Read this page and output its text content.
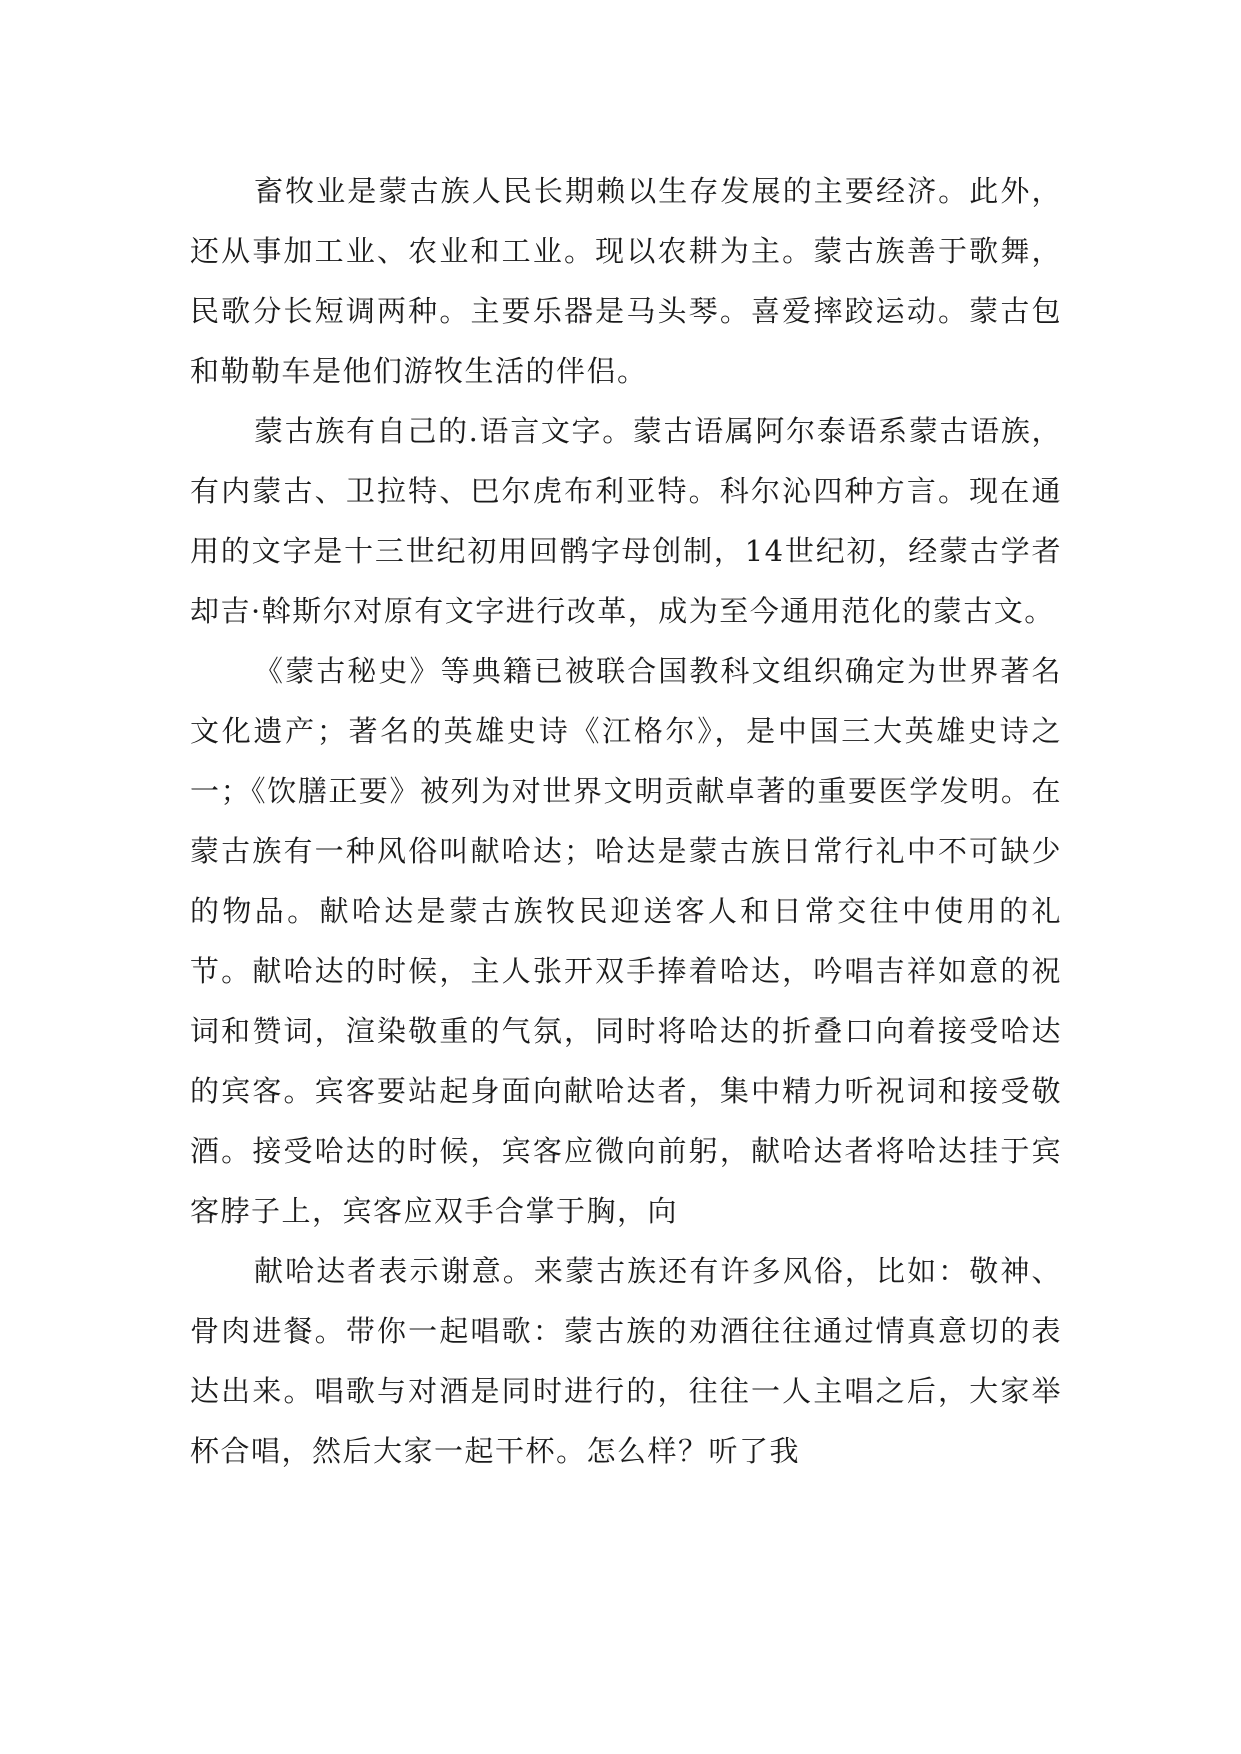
畜牧业是蒙古族人民长期赖以生存发展的主要经济。此外，还从事加工业、农业和工业。现以农耕为主。蒙古族善于歌舞，民歌分长短调两种。主要乐器是马头琴。喜爱摔跤运动。蒙古包和勒勒车是他们游牧生活的伴侣。

蒙古族有自己的.语言文字。蒙古语属阿尔泰语系蒙古语族，有内蒙古、卫拉特、巴尔虎布利亚特。科尔沁四种方言。现在通用的文字是十三世纪初用回鹘字母创制，14世纪初，经蒙古学者却吉·斡斯尔对原有文字进行改革，成为至今通用范化的蒙古文。

《蒙古秘史》等典籍已被联合国教科文组织确定为世界著名文化遗产；著名的英雄史诗《江格尔》，是中国三大英雄史诗之一；《饮膳正要》被列为对世界文明贡献卓著的重要医学发明。在蒙古族有一种风俗叫献哈达；哈达是蒙古族日常行礼中不可缺少的物品。献哈达是蒙古族牧民迎送客人和日常交往中使用的礼节。献哈达的时候，主人张开双手捧着哈达，吟唱吉祥如意的祝词和赞词，渲染敬重的气氛，同时将哈达的折叠口向着接受哈达的宾客。宾客要站起身面向献哈达者，集中精力听祝词和接受敬酒。接受哈达的时候，宾客应微向前躬，献哈达者将哈达挂于宾客脖子上，宾客应双手合掌于胸，向

献哈达者表示谢意。来蒙古族还有许多风俗，比如：敬神、骨肉进餐。带你一起唱歌：蒙古族的劝酒往往通过情真意切的表达出来。唱歌与对酒是同时进行的，往往一人主唱之后，大家举杯合唱，然后大家一起干杯。怎么样？听了我
